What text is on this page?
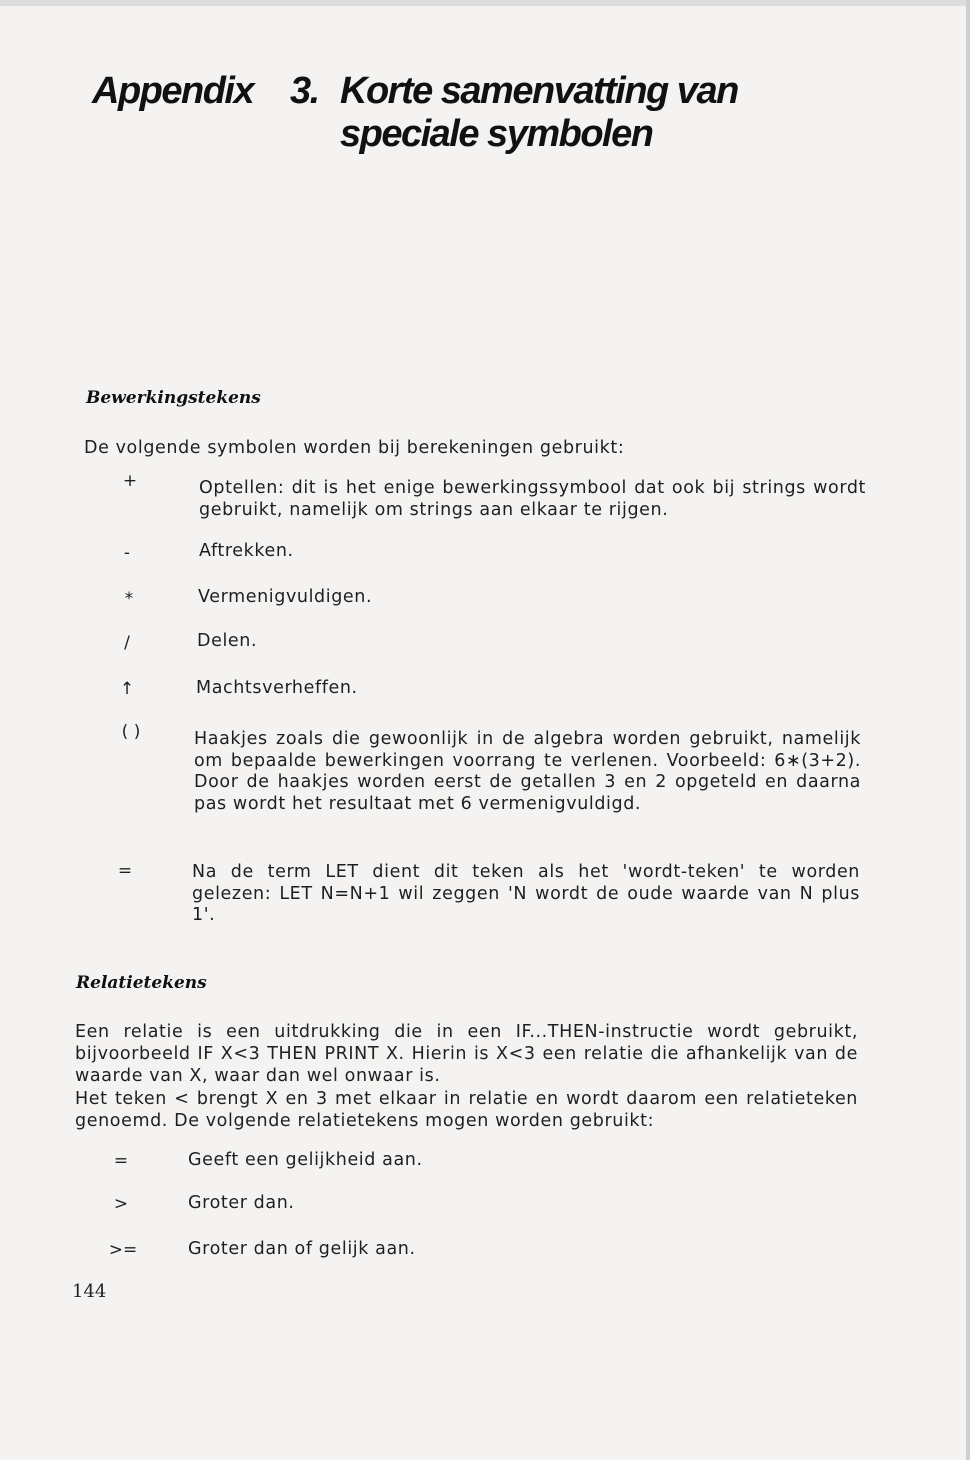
Appendix 3. Korte samenvatting van
speciale symbolen
Bewerkingstekens
De volgende symbolen worden bij berekeningen gebruikt:
+	Optellen: dit is het enige bewerkingssymbool dat ook bij strings wordt gebruikt, namelijk om strings aan elkaar te rijgen.
-	Aftrekken.
*	Vermenigvuldigen.
/	Delen.
↑	Machtsverheffen.
( )	Haakjes zoals die gewoonlijk in de algebra worden gebruikt, namelijk om bepaalde bewerkingen voorrang te verlenen. Voorbeeld: 6∗(3+2). Door de haakjes worden eerst de getallen 3 en 2 opgeteld en daarna pas wordt het resultaat met 6 vermenigvuldigd.
=	Na de term LET dient dit teken als het 'wordt-teken' te worden gelezen: LET N=N+1 wil zeggen 'N wordt de oude waarde van N plus 1'.
Relatietekens
Een relatie is een uitdrukking die in een IF...THEN-instructie wordt gebruikt, bijvoorbeeld IF X<3 THEN PRINT X. Hierin is X<3 een relatie die afhankelijk van de waarde van X, waar dan wel onwaar is.
Het teken < brengt X en 3 met elkaar in relatie en wordt daarom een relatieteken genoemd. De volgende relatietekens mogen worden gebruikt:
=	Geeft een gelijkheid aan.
>	Groter dan.
>=	Groter dan of gelijk aan.
144
